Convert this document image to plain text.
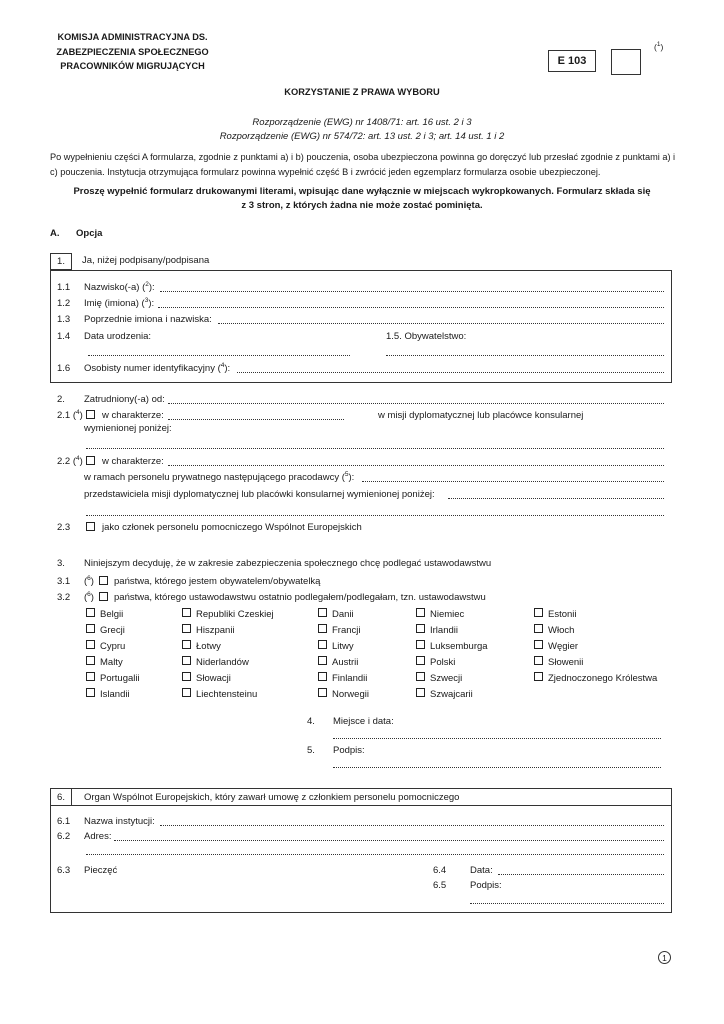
KOMISJA ADMINISTRACYJNA DS.
ZABEZPIECZENIA SPOŁECZNEGO
PRACOWNIKÓW MIGRUJĄCYCH	E 103
($^1$)
KORZYSTANIE Z PRAWA WYBORU
Rozporządzenie (EWG) nr 1408/71: art. 16 ust. 2 i 3
Rozporządzenie (EWG) nr 574/72: art. 13 ust. 2 i 3; art. 14 ust. 1 i 2
Po wypełnieniu części A formularza, zgodnie z punktami a) i b) pouczenia, osoba ubezpieczona powinna go doręczyć lub przesłać zgodnie z punktami a) i c) pouczenia. Instytucja otrzymująca formularz powinna wypełnić część B i zwrócić jeden egzemplarz formularza osobie ubezpieczonej.
Proszę wypełnić formularz drukowanymi literami, wpisując dane wyłącznie w miejscach wykropkowanych. Formularz składa się
z 3 stron, z których żadna nie może zostać pominięta.
A. Opcja
1.	Ja, niżej podpisany/podpisana
1.1 Nazwisko(-a) ($^2$):
1.2 Imię (imiona) ($^3$):
1.3 Poprzednie imiona i nazwiska:
1.4 Data urodzenia:	1.5. Obywatelstwo:
1.6 Osobisty numer identyfikacyjny ($^4$):
2. Zatrudniony(-a) od:
2.1 ($^4$) w charakterze:	w misji dyplomatycznej lub placówce konsularnej
wymienionej poniżej:
2.2 ($^4$) w charakterze:
w ramach personelu prywatnego następującego pracodawcy ($^5$):
przedstawiciela misji dyplomatycznej lub placówki konsularnej wymienionej poniżej:
2.3	jako członek personelu pomocniczego Wspólnot Europejskich
3. Niniejszym decyduję, że w zakresie zabezpieczenia społecznego chcę podlegać ustawodawstwu
3.1 ($^6$) państwa, którego jestem obywatelem/obywatelką
3.2 ($^6$) państwa, którego ustawodawstwu ostatnio podlegałem/podlegałam, tzn. ustawodawstwu
Belgii	Republiki Czeskiej	Danii	Niemiec	Estonii
Grecji	Hiszpanii	Francji	Irlandii	Włoch
Cypru	Łotwy	Litwy	Luksemburga	Węgier
Malty	Niderlandów	Austrii	Polski	Słowenii
Portugalii	Słowacji	Finlandii	Szwecji	Zjednoczonego Królestwa
Islandii	Liechtensteinu	Norwegii	Szwajcarii
4. Miejsce i data:
5. Podpis:
6.	Organ Wspólnot Europejskich, który zawarł umowę z członkiem personelu pomocniczego
6.1 Nazwa instytucji:
6.2 Adres:
6.3 Pieczęć	6.4	Data:
6.5	Podpis:
1
